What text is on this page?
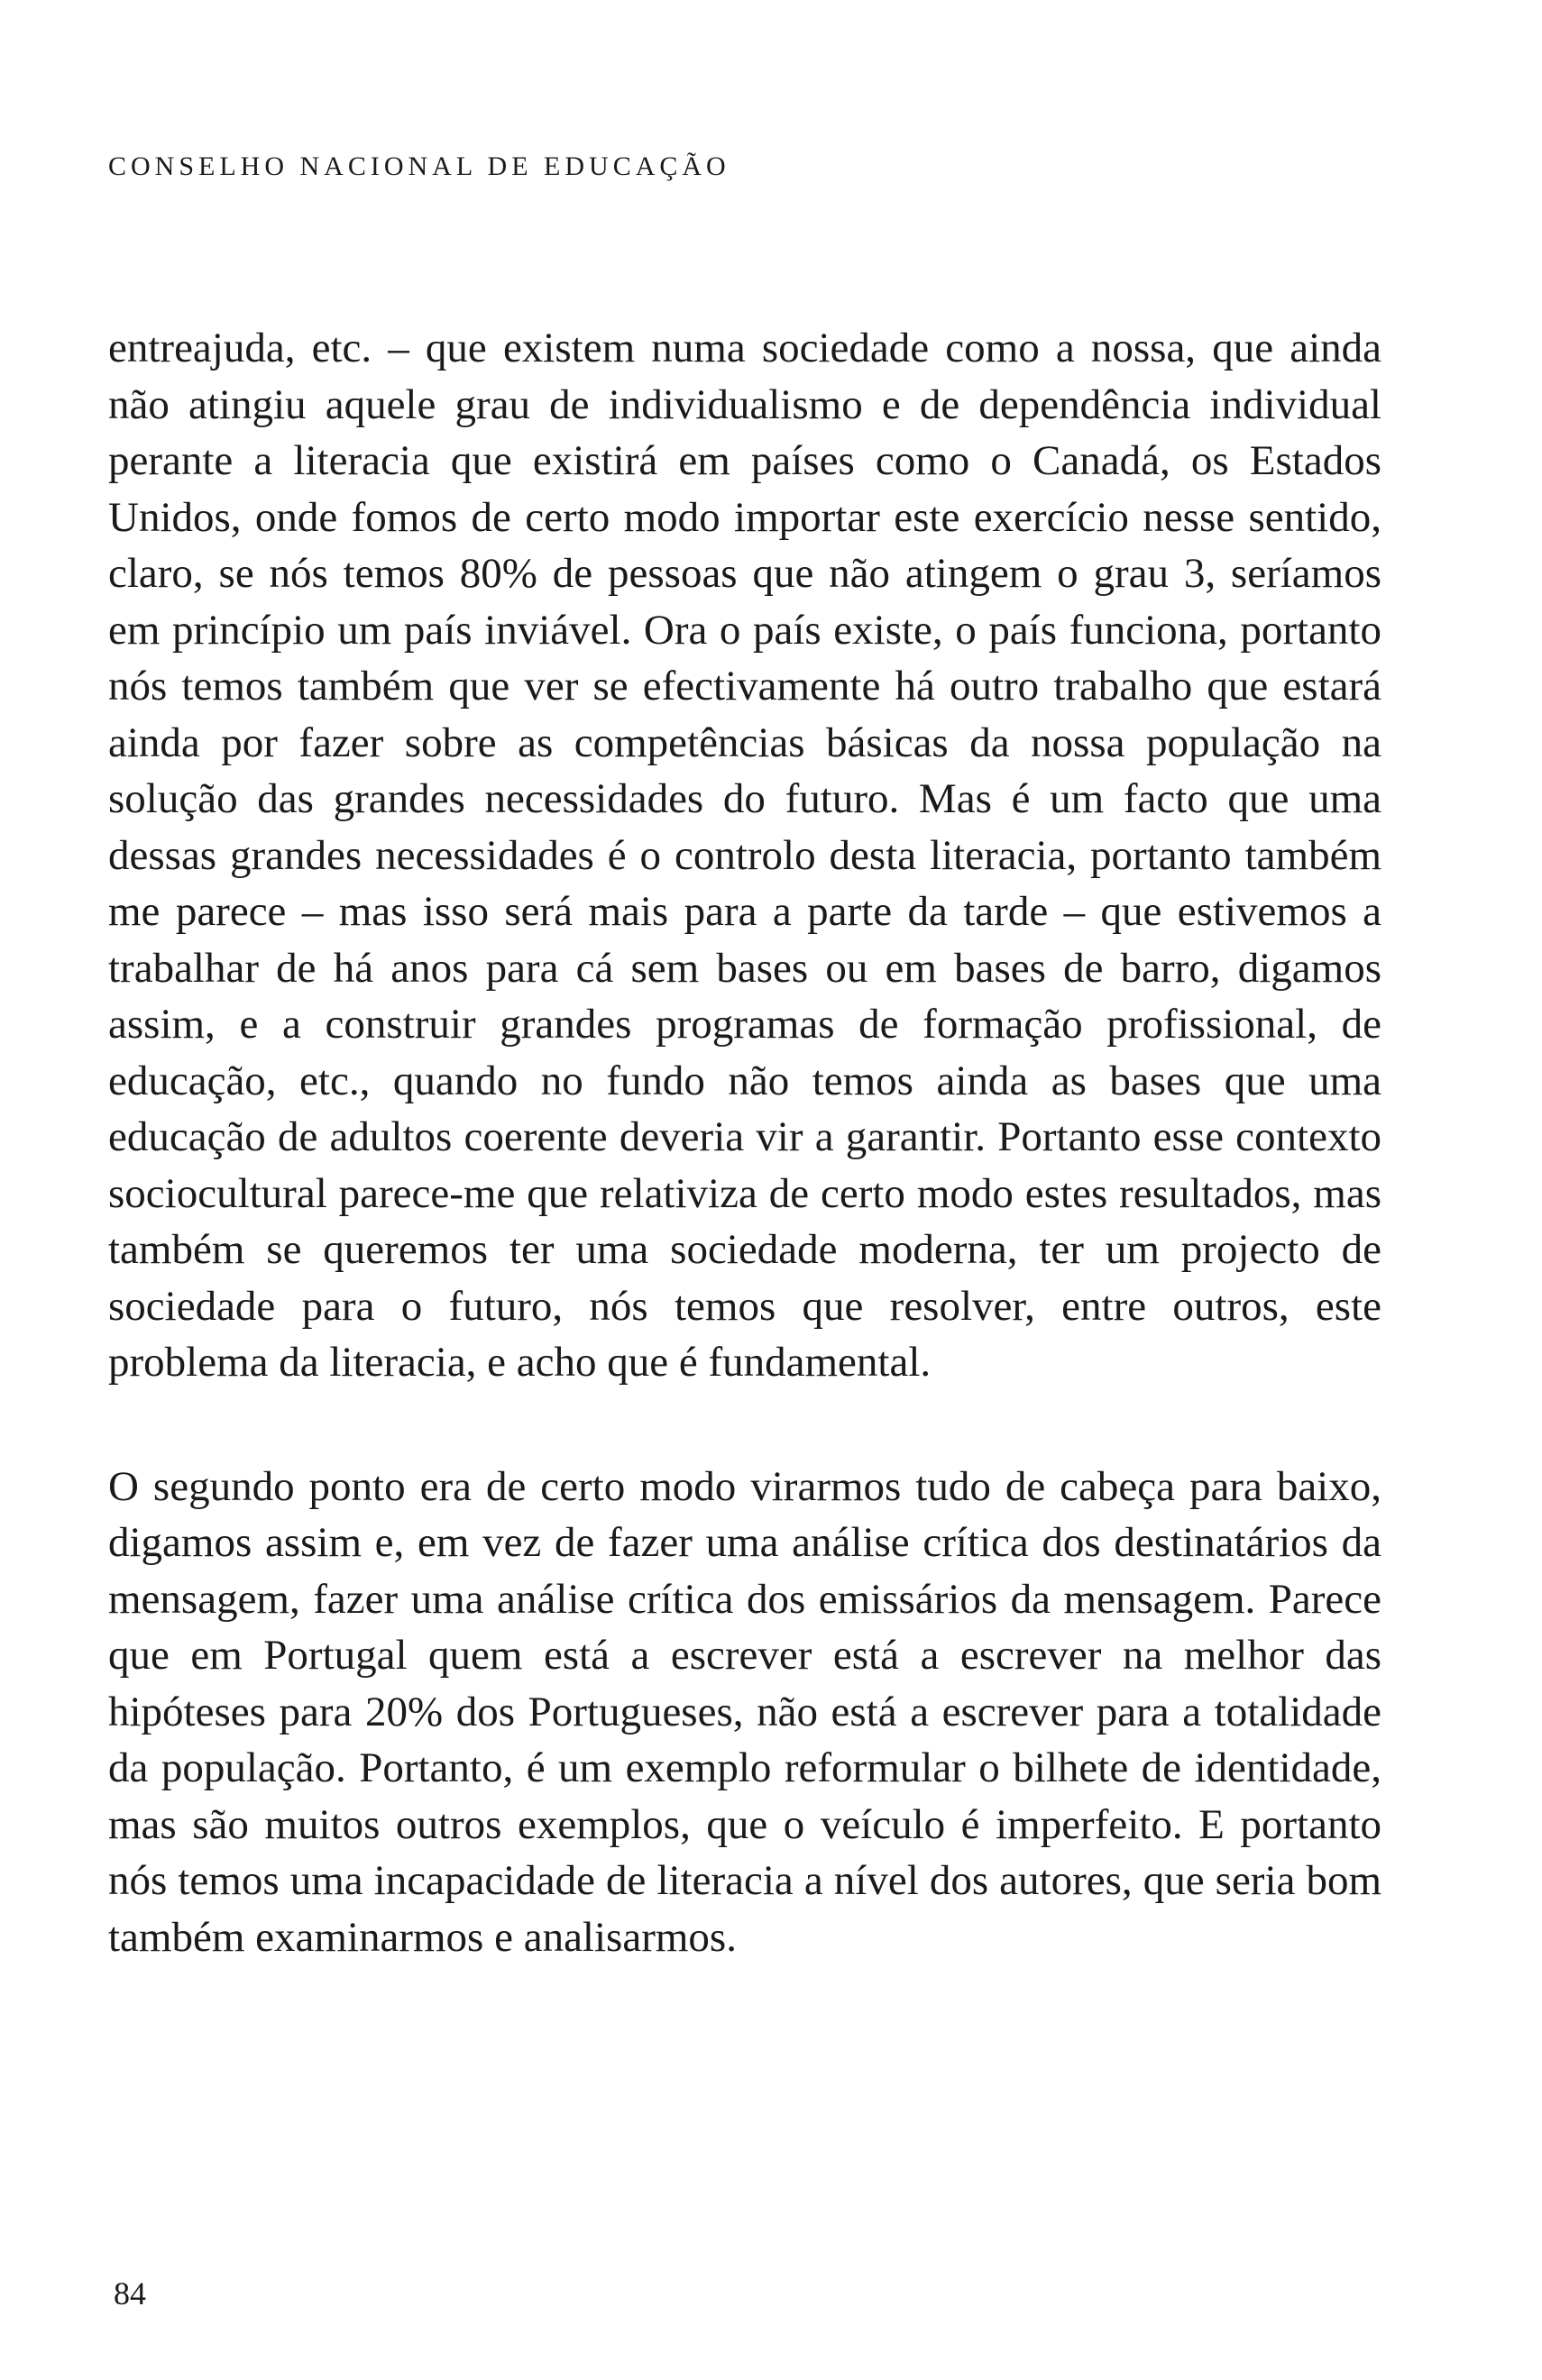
CONSELHO NACIONAL DE EDUCAÇÃO

entreajuda, etc. – que existem numa sociedade como a nossa, que ainda não atingiu aquele grau de individualismo e de dependência individual perante a literacia que existirá em países como o Canadá, os Estados Unidos, onde fomos de certo modo importar este exercício nesse sentido, claro, se nós temos 80% de pessoas que não atingem o grau 3, seríamos em princípio um país inviável. Ora o país existe, o país funciona, portanto nós temos também que ver se efectivamente há outro trabalho que estará ainda por fazer sobre as competências básicas da nossa população na solução das grandes necessidades do futuro. Mas é um facto que uma dessas grandes necessidades é o controlo desta literacia, portanto também me parece – mas isso será mais para a parte da tarde – que estivemos a trabalhar de há anos para cá sem bases ou em bases de barro, digamos assim, e a construir grandes programas de formação profissional, de educação, etc., quando no fundo não temos ainda as bases que uma educação de adultos coerente deveria vir a garantir. Portanto esse contexto sociocultural parece-me que relativiza de certo modo estes resultados, mas também se queremos ter uma sociedade moderna, ter um projecto de sociedade para o futuro, nós temos que resolver, entre outros, este problema da literacia, e acho que é fundamental.

O segundo ponto era de certo modo virarmos tudo de cabeça para baixo, digamos assim e, em vez de fazer uma análise crítica dos destinatários da mensagem, fazer uma análise crítica dos emissários da mensagem. Parece que em Portugal quem está a escrever está a escrever na melhor das hipóteses para 20% dos Portugueses, não está a escrever para a totalidade da população. Portanto, é um exemplo reformular o bilhete de identidade, mas são muitos outros exemplos, que o veículo é imperfeito. E portanto nós temos uma incapacidade de literacia a nível dos autores, que seria bom também examinarmos e analisarmos.

84
